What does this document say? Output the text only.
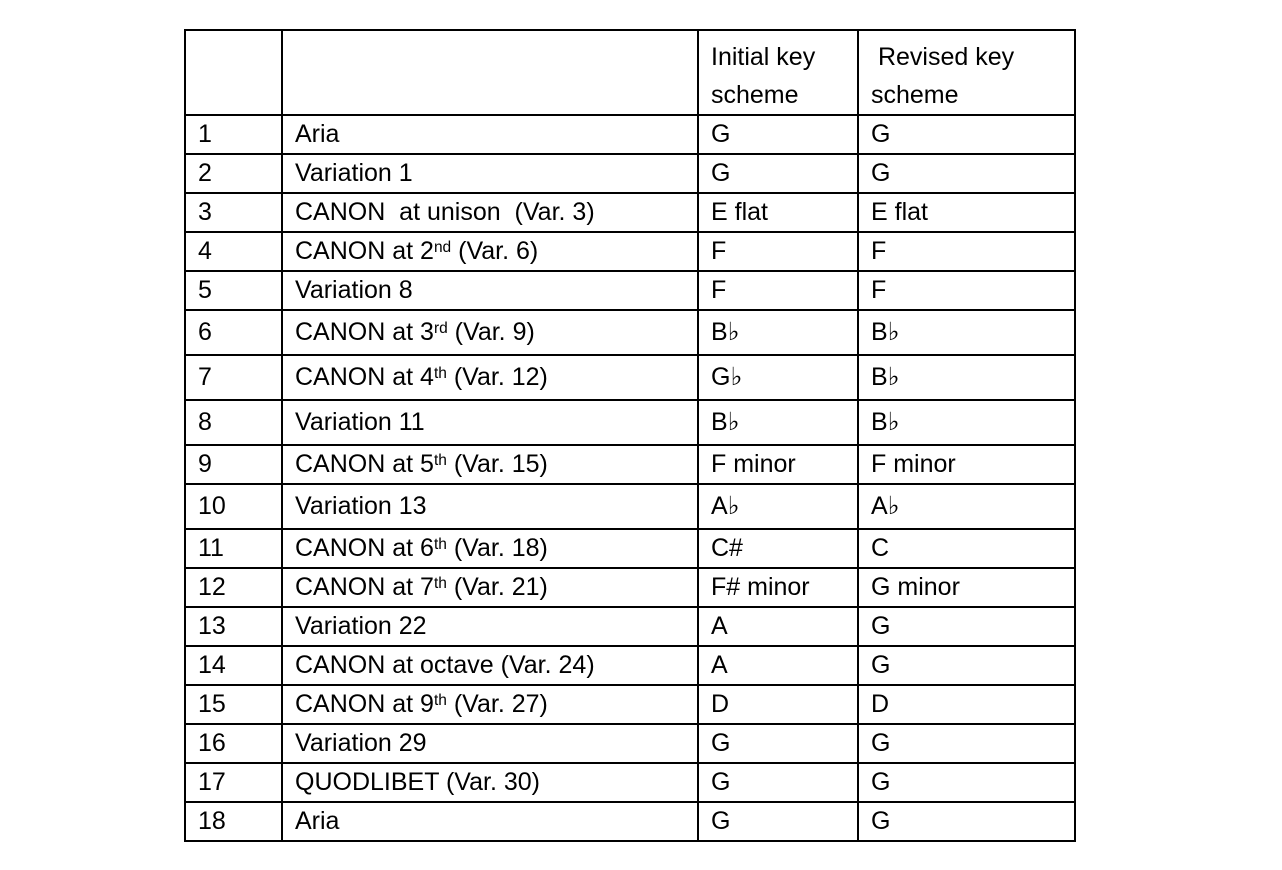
		Initial key scheme	Revised key scheme
1	Aria	G	G
2	Variation 1	G	G
3	CANON  at unison  (Var. 3)	E flat	E flat
4	CANON at 2nd (Var. 6)	F	F
5	Variation 8	F	F
6	CANON at 3rd (Var. 9)	B♭	B♭
7	CANON at 4th (Var. 12)	G♭	B♭
8	Variation 11	B♭	B♭
9	CANON at 5th (Var. 15)	F minor	F minor
10	Variation 13	A♭	A♭
11	CANON at 6th (Var. 18)	C#	C
12	CANON at 7th (Var. 21)	F# minor	G minor
13	Variation 22	A	G
14	CANON at octave (Var. 24)	A	G
15	CANON at 9th (Var. 27)	D	D
16	Variation 29	G	G
17	QUODLIBET (Var. 30)	G	G
18	Aria	G	G
